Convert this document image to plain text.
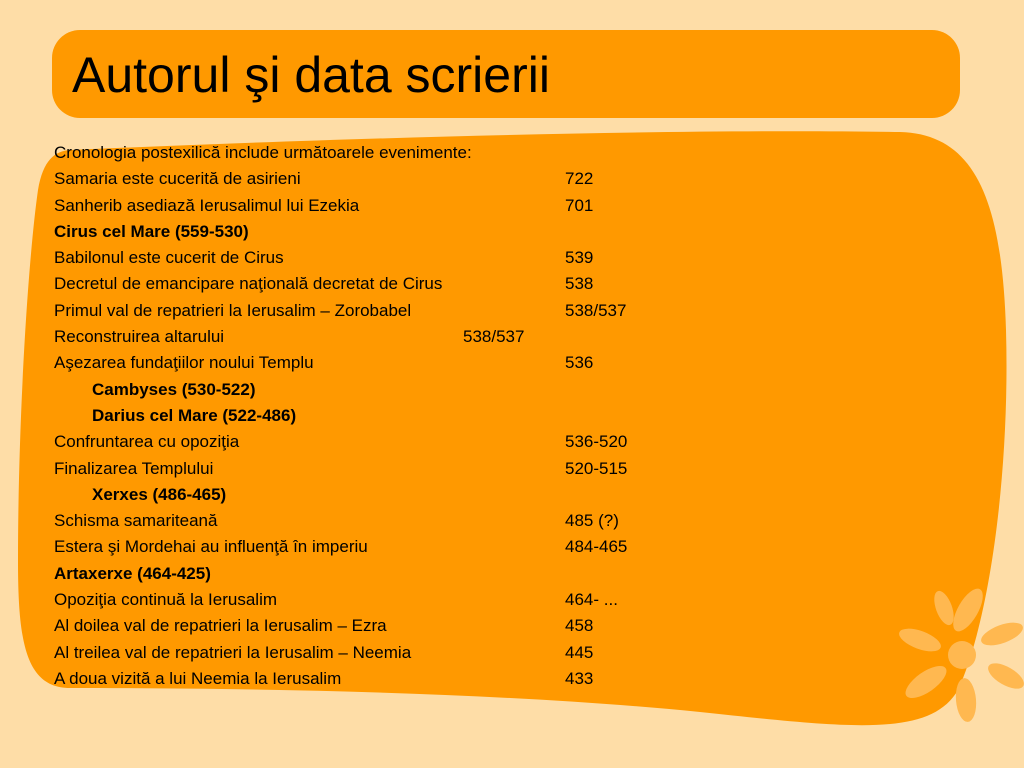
Autorul şi data scrierii
Cronologia postexilică include următoarele evenimente:
Samaria este cucerită de asirieni	722
Sanherib asediază Ierusalimul lui Ezekia	701
Cirus cel Mare (559-530)
Babilonul este cucerit de Cirus	539
Decretul de emancipare naţională decretat de Cirus	538
Primul val de repatrieri la Ierusalim – Zorobabel	538/537
Reconstruirea altarului	538/537
Aşezarea fundaţiilor noului Templu	536
Cambyses (530-522)
Darius cel Mare (522-486)
Confruntarea cu opoziţia	536-520
Finalizarea Templului	520-515
Xerxes (486-465)
Schisma samariteană	485 (?)
Estera şi Mordehai au influenţă în imperiu	484-465
Artaxerxe (464-425)
Opoziţia continuă la Ierusalim	464- ...
Al doilea val de repatrieri la Ierusalim – Ezra	458
Al treilea val de repatrieri la Ierusalim – Neemia	445
A doua vizită a lui Neemia la Ierusalim	433
